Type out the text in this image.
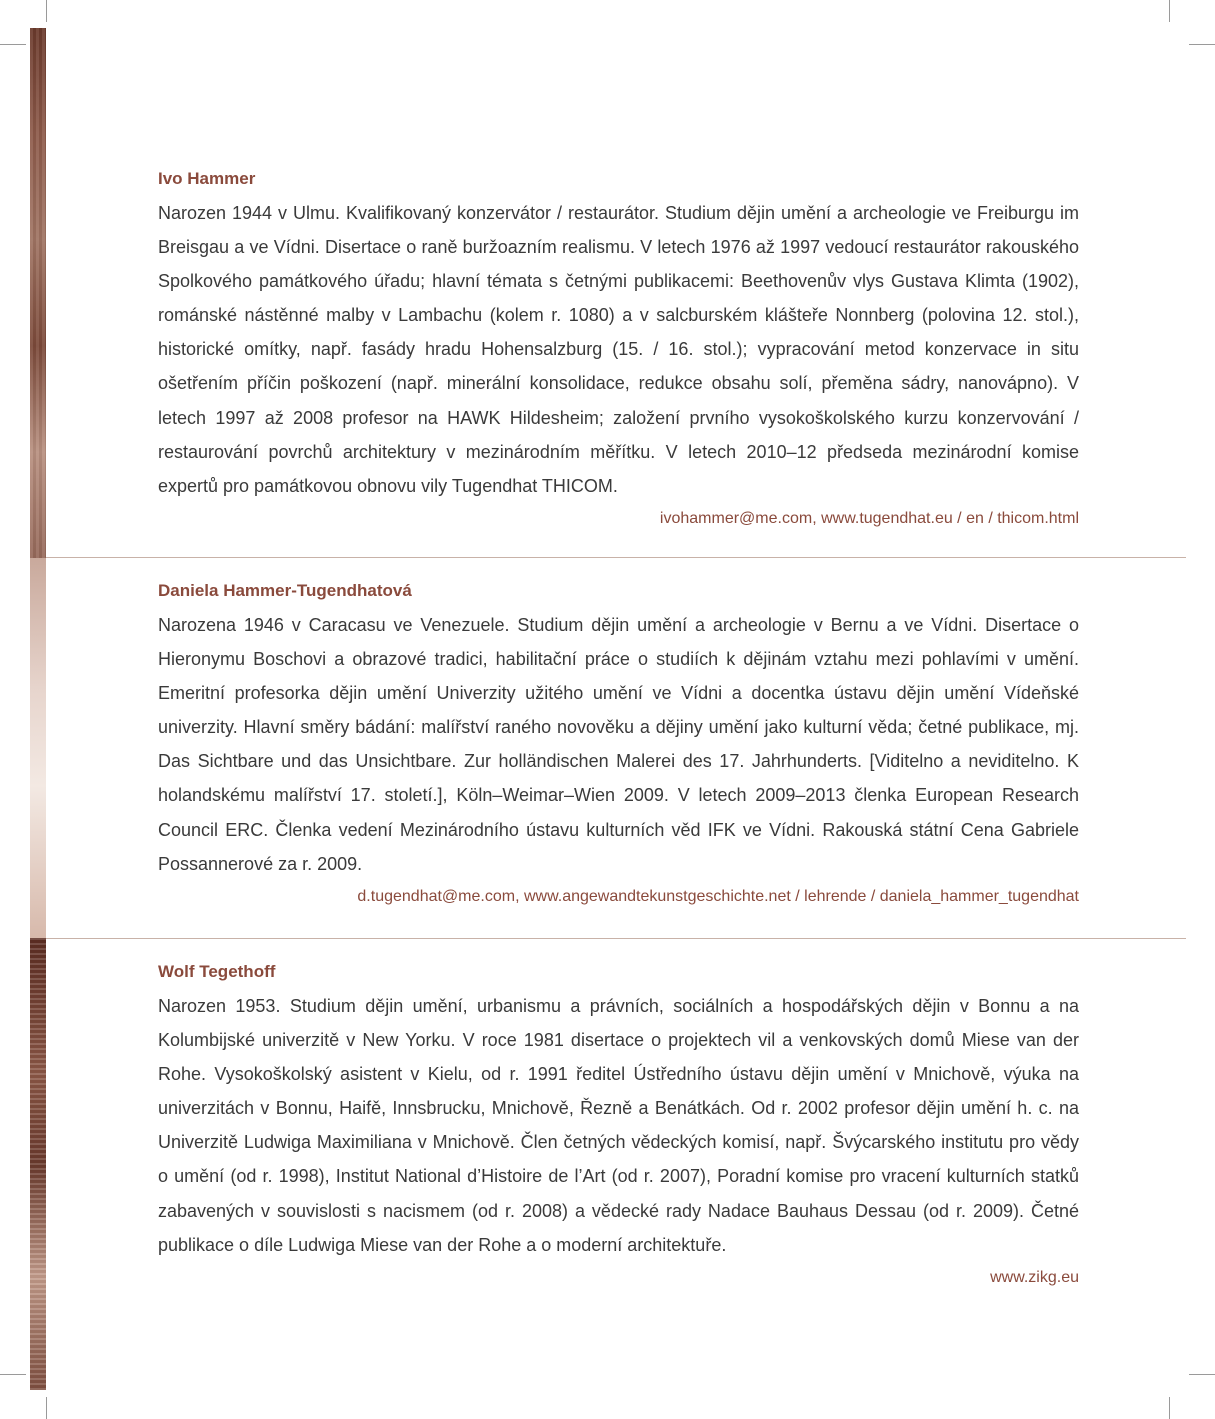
Ivo Hammer

Narozen 1944 v Ulmu. Kvalifikovaný konzervátor / restaurátor. Studium dějin umění a archeologie ve Freiburgu im Breisgau a ve Vídni. Disertace o raně buržoazním realismu. V letech 1976 až 1997 vedoucí restaurátor rakouského Spolkového památkového úřadu; hlavní témata s četnými publikacemi: Beethovenův vlys Gustava Klimta (1902), románské nástěnné malby v Lambachu (kolem r. 1080) a v salcburském klášteře Nonnberg (polovina 12. stol.), historické omítky, např. fasády hradu Hohensalzburg (15. / 16. stol.); vypracování metod konzervace in situ ošetřením příčin poškození (např. minerální konsolidace, redukce obsahu solí, přeměna sádry, nanovápno). V letech 1997 až 2008 profesor na HAWK Hildesheim; založení prvního vysokoškolského kurzu konzervování / restaurování povrchů architektury v mezinárodním měřítku. V letech 2010–12 předseda mezinárodní komise expertů pro památkovou obnovu vily Tugendhat THICOM.

ivohammer@me.com, www.tugendhat.eu / en / thicom.html

Daniela Hammer-Tugendhatová

Narozena 1946 v Caracasu ve Venezuele. Studium dějin umění a archeologie v Bernu a ve Vídni. Disertace o Hieronymu Boschovi a obrazové tradici, habilitační práce o studiích k dějinám vztahu mezi pohlavími v umění. Emeritní profesorka dějin umění Univerzity užitého umění ve Vídni a docentka ústavu dějin umění Vídeňské univerzity. Hlavní směry bádání: malířství raného novověku a dějiny umění jako kulturní věda; četné publikace, mj. Das Sichtbare und das Unsichtbare. Zur holländischen Malerei des 17. Jahrhunderts. [Viditelno a neviditelno. K holandskému malířství 17. století.], Köln–Weimar–Wien 2009. V letech 2009–2013 členka European Research Council ERC. Členka vedení Mezinárodního ústavu kulturních věd IFK ve Vídni. Rakouská státní Cena Gabriele Possannerové za r. 2009.

d.tugendhat@me.com, www.angewandtekunstgeschichte.net / lehrende / daniela_hammer_tugendhat

Wolf Tegethoff

Narozen 1953. Studium dějin umění, urbanismu a právních, sociálních a hospodářských dějin v Bonnu a na Kolumbijské univerzitě v New Yorku. V roce 1981 disertace o projektech vil a venkovských domů Miese van der Rohe. Vysokoškolský asistent v Kielu, od r. 1991 ředitel Ústředního ústavu dějin umění v Mnichově, výuka na univerzitách v Bonnu, Haifě, Innsbrucku, Mnichově, Řezně a Benátkách. Od r. 2002 profesor dějin umění h. c. na Univerzitě Ludwiga Maximiliana v Mnichově. Člen četných vědeckých komisí, např. Švýcarského institutu pro vědy o umění (od r. 1998), Institut National d’Histoire de l’Art (od r. 2007), Poradní komise pro vracení kulturních statků zabavených v souvislosti s nacismem (od r. 2008) a vědecké rady Nadace Bauhaus Dessau (od r. 2009). Četné publikace o díle Ludwiga Miese van der Rohe a o moderní architektuře.

www.zikg.eu
